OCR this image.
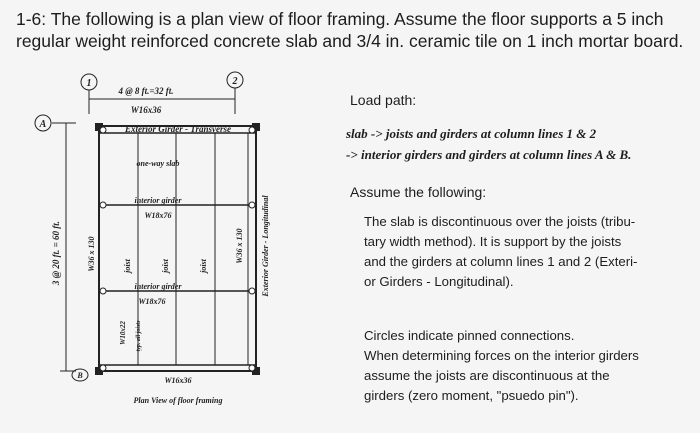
1-6: The following is a plan view of floor framing. Assume the floor supports a 5 inch
regular weight reinforced concrete slab and 3/4 in. ceramic tile on 1 inch mortar board.
1	2
A
B
4 @ 8 ft.=32 ft.
W16x36
3 @ 20 ft. = 60 ft.
Exterior Girder - Transverse
one-way slab
interior girder
W18x76
interior girder
W18x76
joist	joist	joist
W36 x 130	W36 x 130 Exterior Girder - Longitudinal
W10x22 typ. all joists
W16x36
Plan View of floor framing

Load path:

slab -> joists and girders at column lines 1 & 2

-> interior girders and girders at column lines A & B.

Assume the following:

The slab is discontinuous over the joists (tribu-
tary width method). It is support by the joists
and the girders at column lines 1 and 2 (Exteri-
or Girders - Longitudinal).
Circles indicate pinned connections.
When determining forces on the interior girders
assume the joists are discontinuous at the
girders (zero moment, "psuedo pin").
